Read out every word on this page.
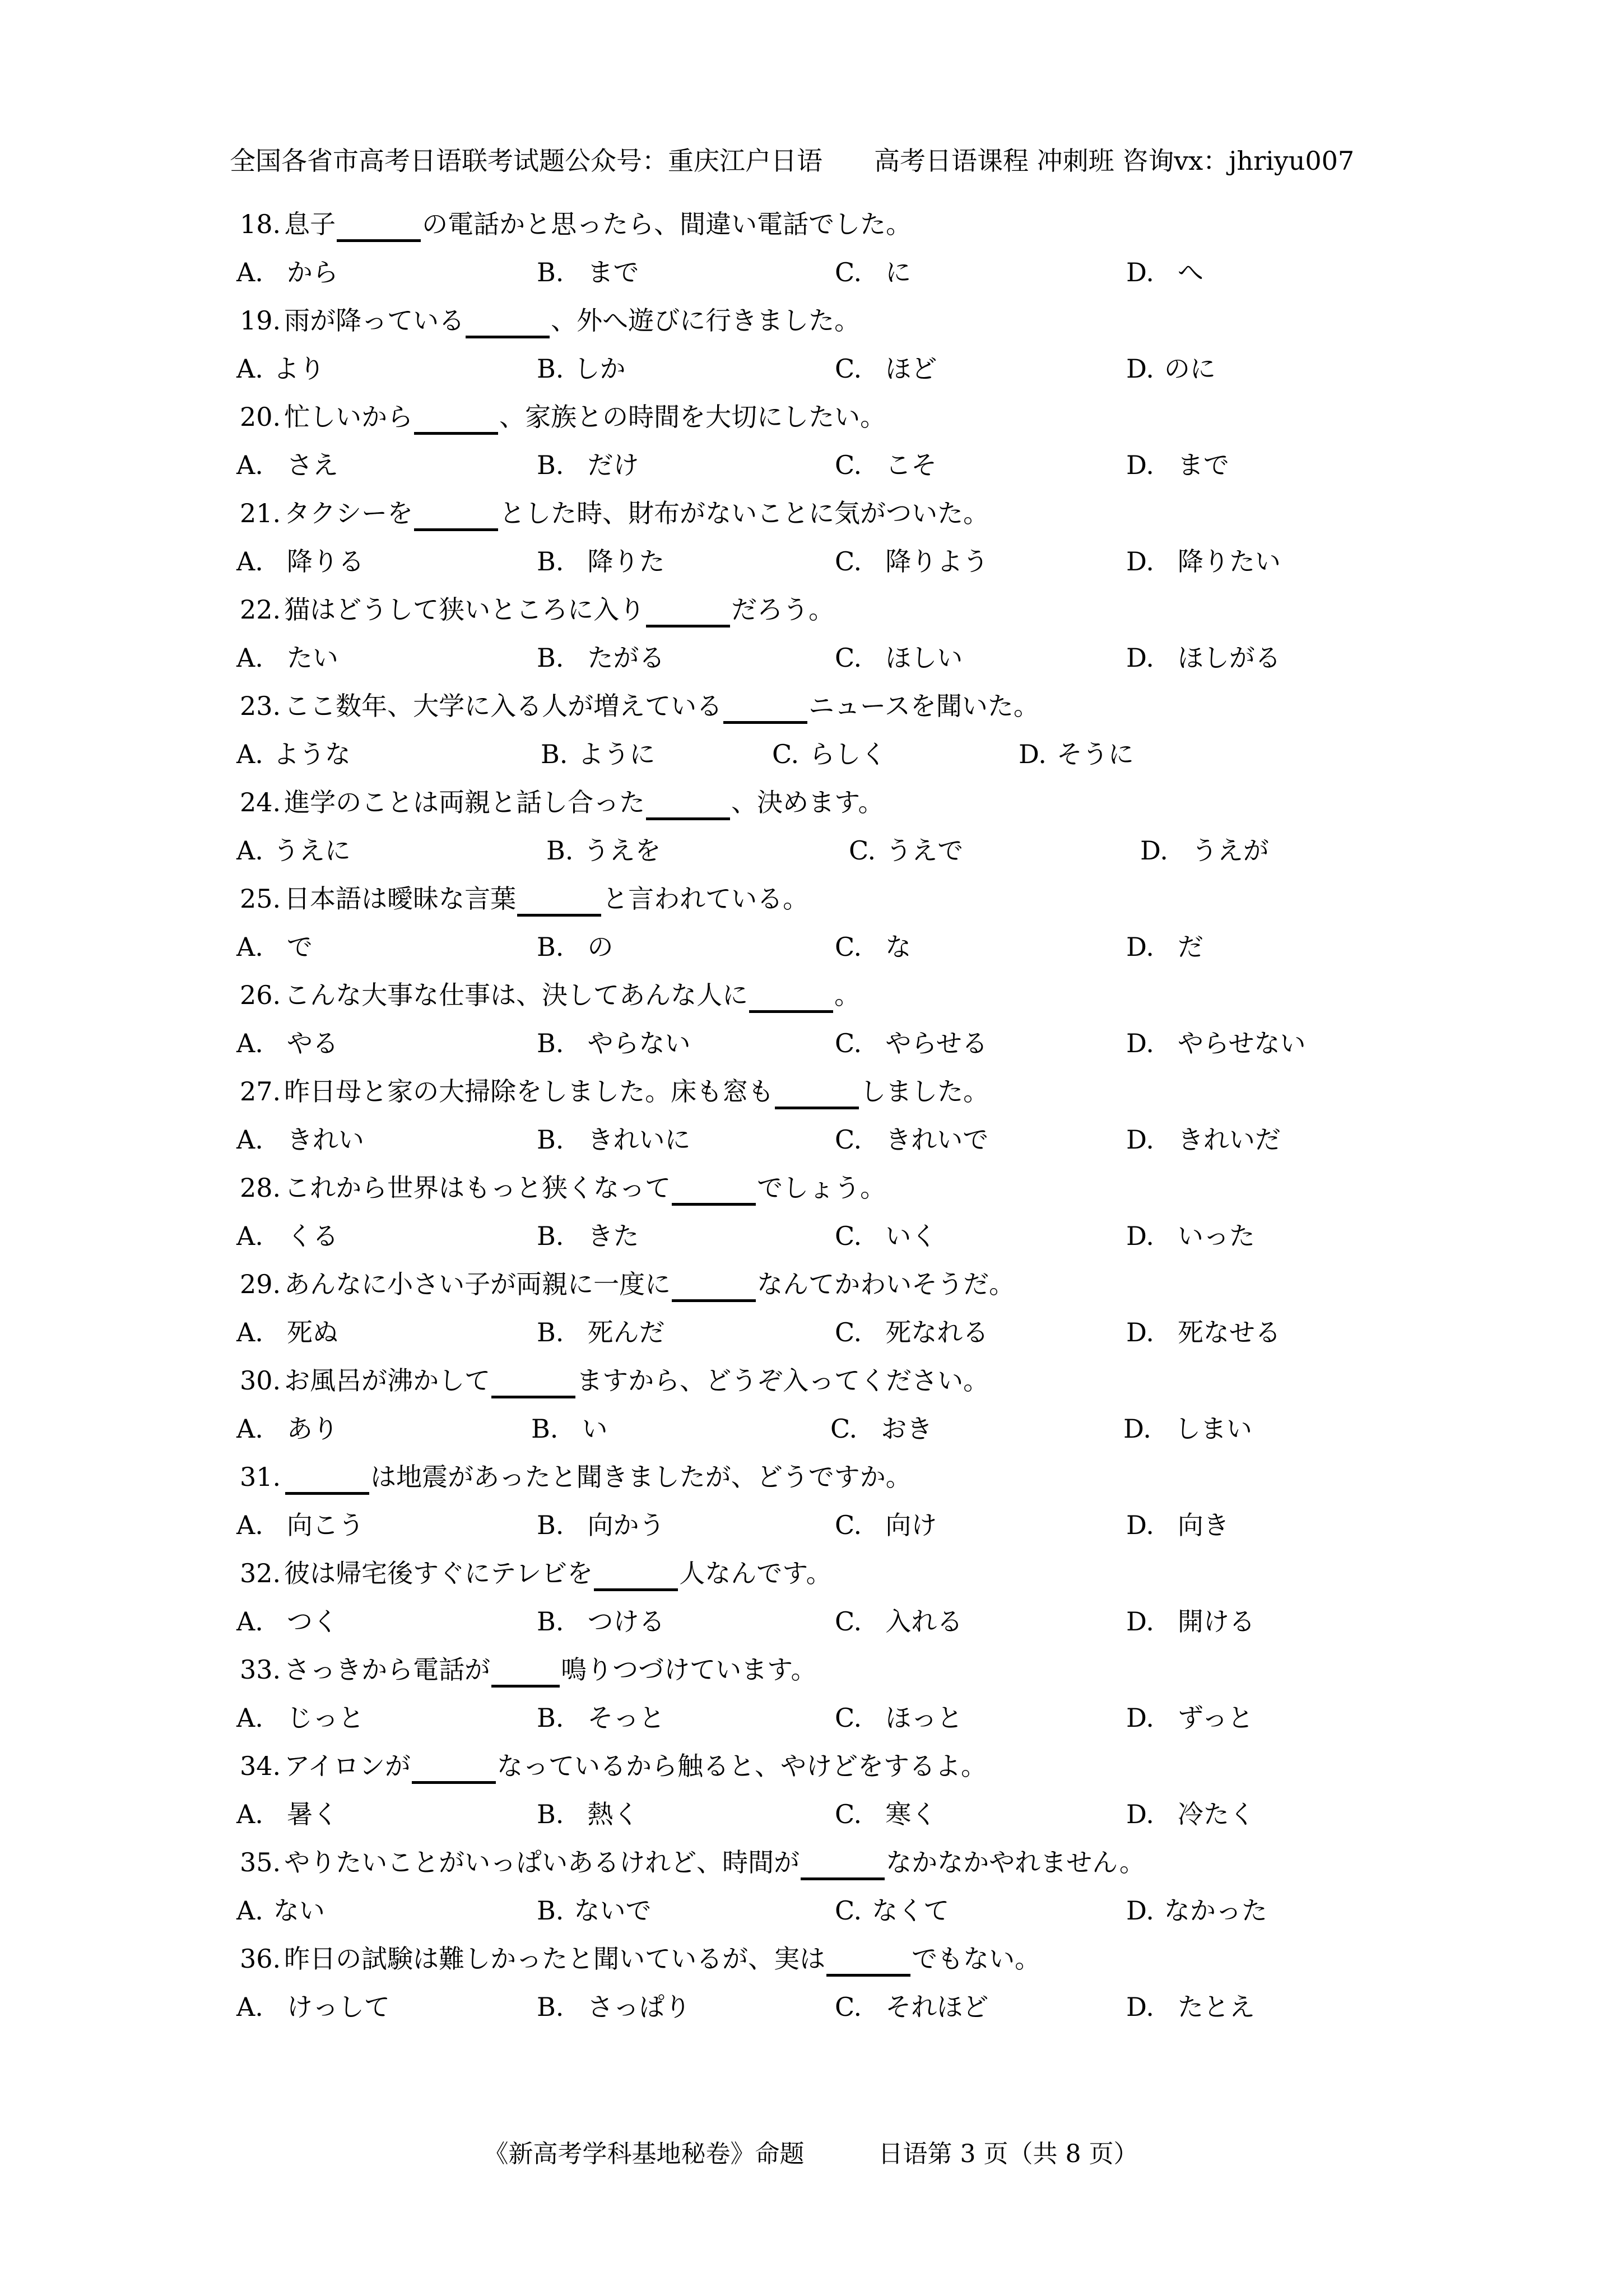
全国各省市高考日语联考试题公众号：重庆江户日语　　高考日语课程 冲刺班 咨询vx：jhriyu007
18. 息子	の電話かと思ったら、間違い電話でした。
A. から	B. まで	C. に	D. へ
19. 雨が降っている	、外へ遊びに行きました。
A. より	B. しか	C. ほど	D. のに
20. 忙しいから	、家族との時間を大切にしたい。
A. さえ	B. だけ	C. こそ	D. まで
21. タクシーを	とした時、財布がないことに気がついた。
A. 降りる	B. 降りた	C. 降りよう	D. 降りたい
22. 猫はどうして狭いところに入り	だろう。
A. たい	B. たがる	C. ほしい	D. ほしがる
23. ここ数年、大学に入る人が増えている	ニュースを聞いた。
A. ような	B. ように	C. らしく	D. そうに
24. 進学のことは両親と話し合った	、決めます。
A. うえに	B. うえを	C. うえで	D. うえが
25. 日本語は曖昧な言葉	と言われている。
A. で	B. の	C. な	D. だ
26. こんな大事な仕事は、決してあんな人に	。
A. やる	B. やらない	C. やらせる	D. やらせない
27. 昨日母と家の大掃除をしました。床も窓も	しました。
A. きれい	B. きれいに	C. きれいで	D. きれいだ
28. これから世界はもっと狭くなって	でしょう。
A. くる	B. きた	C. いく	D. いった
29. あんなに小さい子が両親に一度に	なんてかわいそうだ。
A. 死ぬ	B. 死んだ	C. 死なれる	D. 死なせる
30. お風呂が沸かして	ますから、どうぞ入ってください。
A. あり	B. い	C. おき	D. しまい
31.	は地震があったと聞きましたが、どうですか。
A. 向こう	B. 向かう	C. 向け	D. 向き
32. 彼は帰宅後すぐにテレビを	人なんです。
A. つく	B. つける	C. 入れる	D. 開ける
33. さっきから電話が	鳴りつづけています。
A. じっと	B. そっと	C. ほっと	D. ずっと
34. アイロンが	なっているから触ると、やけどをするよ。
A. 暑く	B. 熱く	C. 寒く	D. 冷たく
35. やりたいことがいっぱいあるけれど、時間が	なかなかやれません。
A. ない	B. ないで	C. なくて	D. なかった
36. 昨日の試験は難しかったと聞いているが、実は	でもない。
A. けっして	B. さっぱり	C. それほど	D. たとえ
《新高考学科基地秘卷》命题　　　日语第 3 页（共 8 页）
